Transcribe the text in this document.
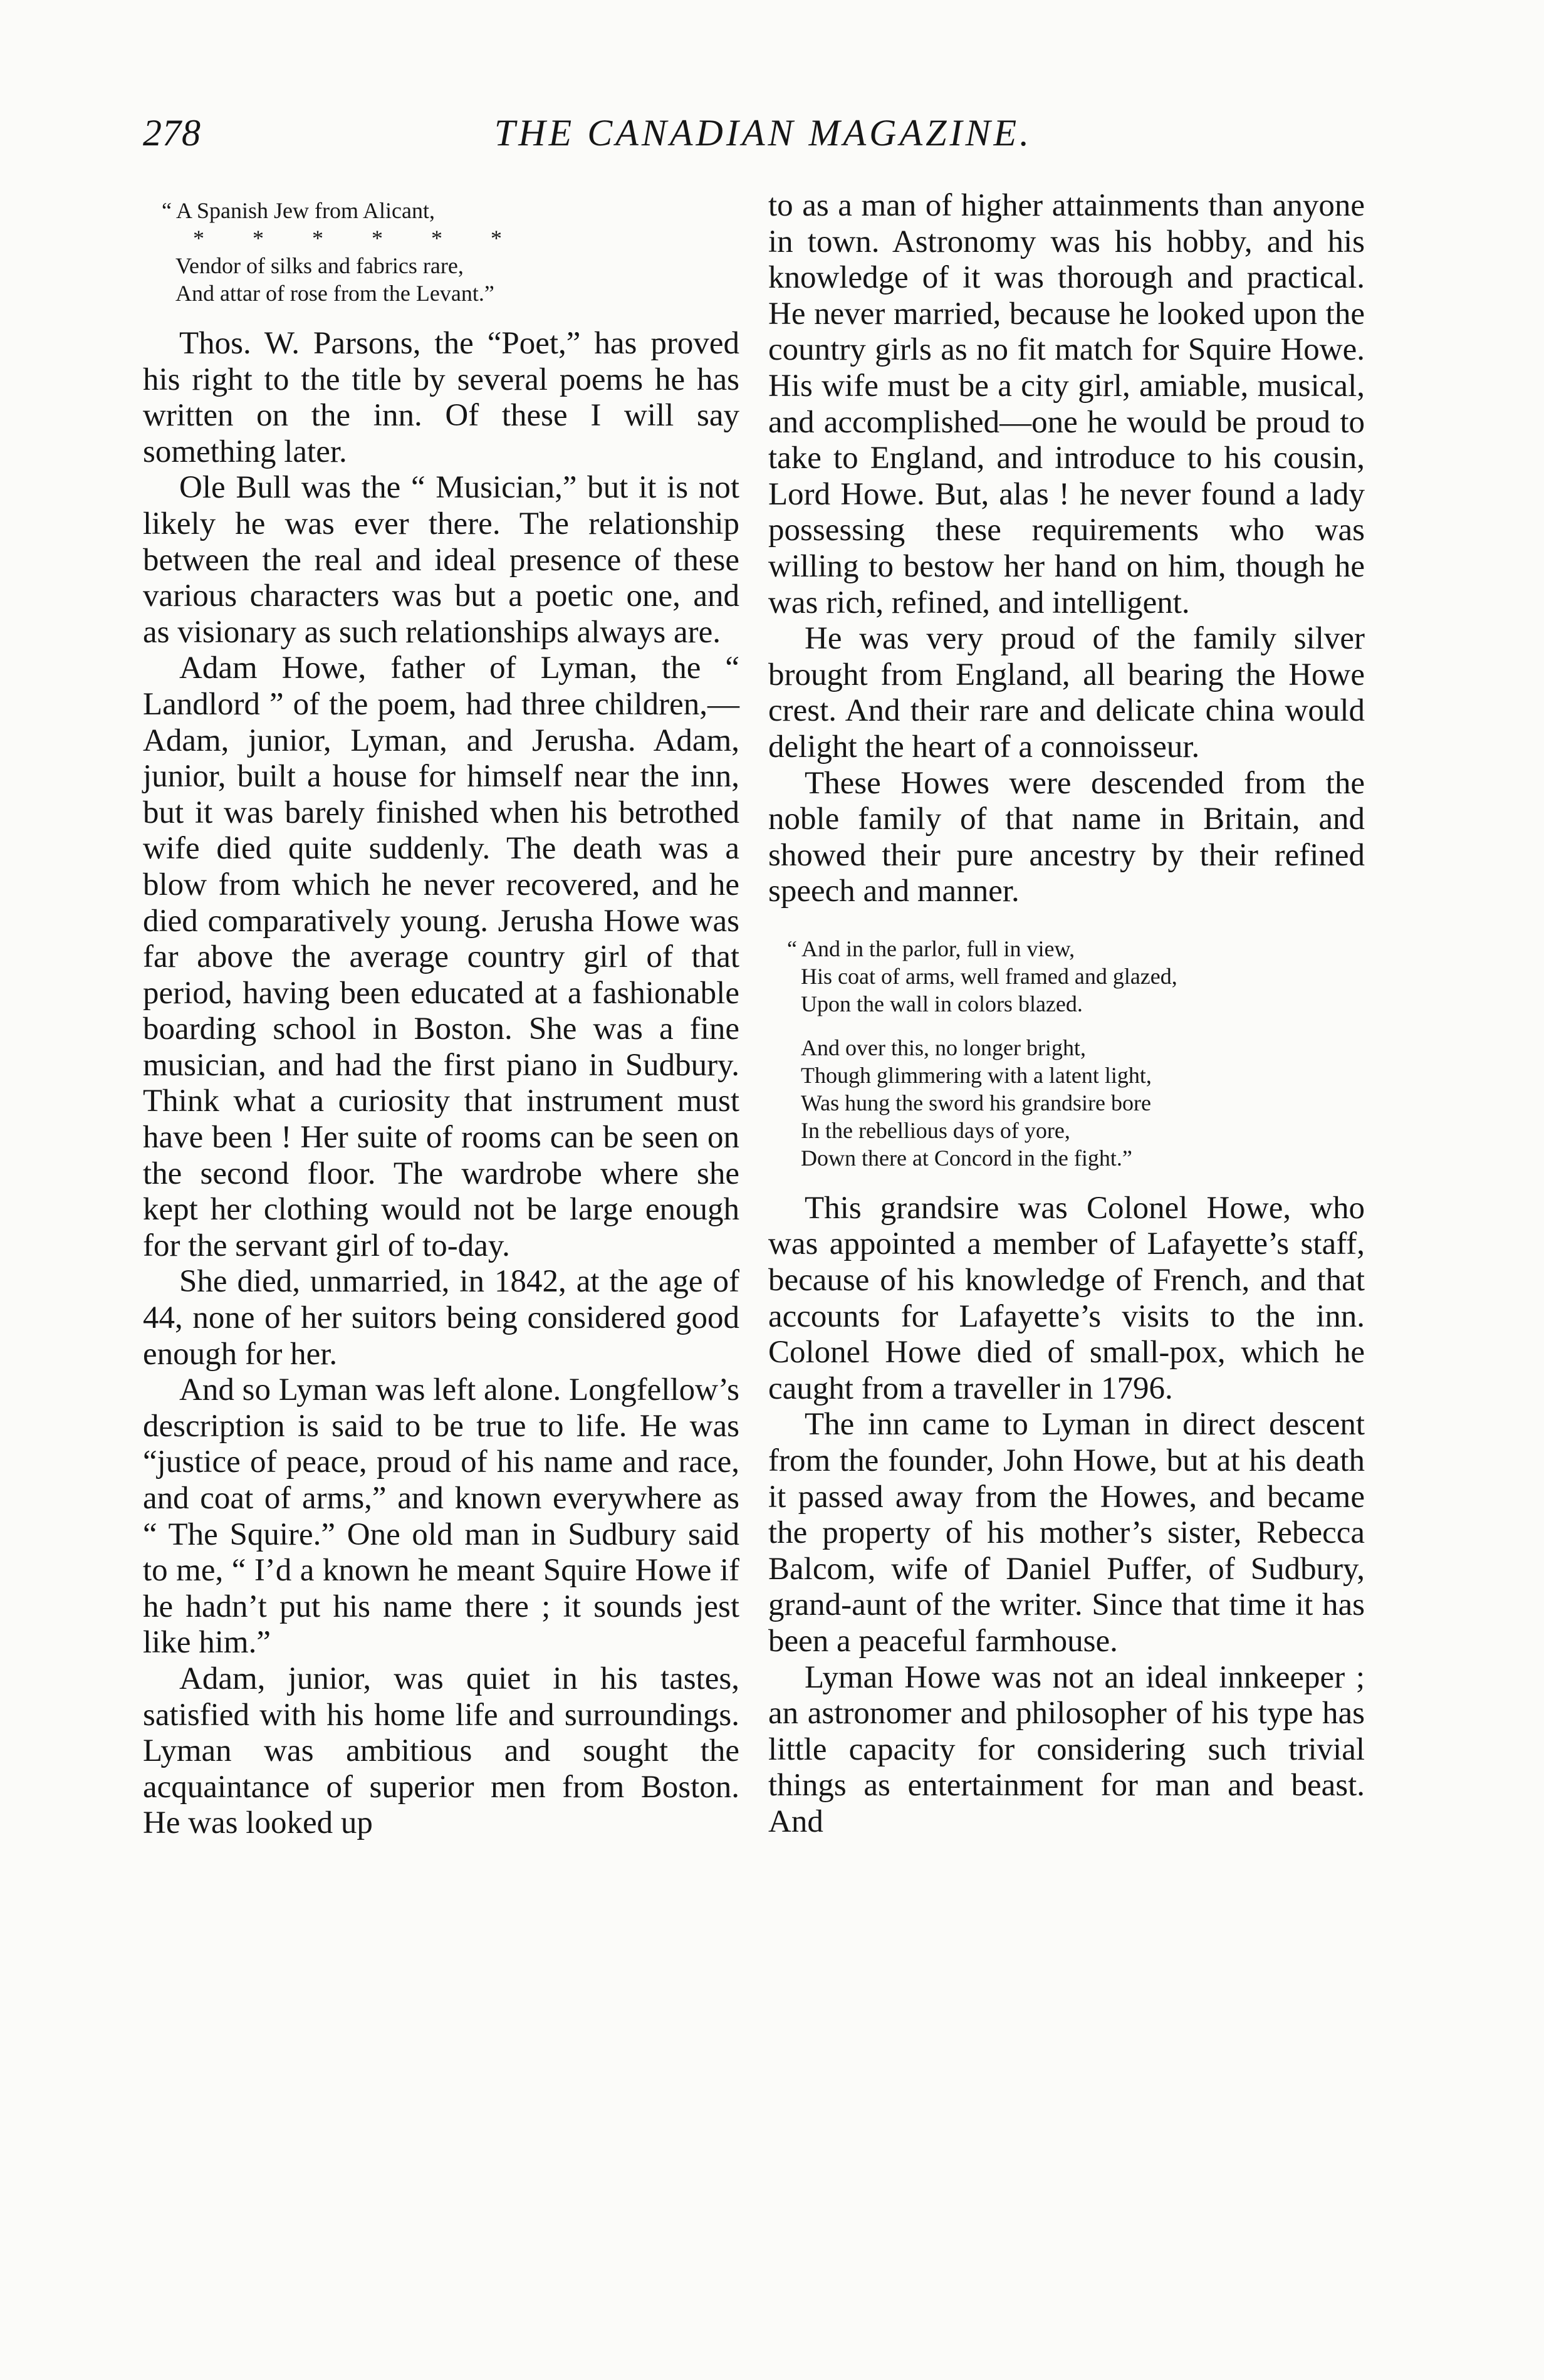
278	THE CANADIAN MAGAZINE.
“ A Spanish Jew from Alicant,
* * * * * *
Vendor of silks and fabrics rare,
And attar of rose from the Levant.”

Thos. W. Parsons, the “Poet,” has proved his right to the title by several poems he has written on the inn. Of these I will say something later.

Ole Bull was the “ Musician,” but it is not likely he was ever there. The relationship between the real and ideal presence of these various characters was but a poetic one, and as visionary as such relationships always are.

Adam Howe, father of Lyman, the “ Landlord ” of the poem, had three children,—Adam, junior, Lyman, and Jerusha. Adam, junior, built a house for himself near the inn, but it was barely finished when his betrothed wife died quite suddenly. The death was a blow from which he never recovered, and he died comparatively young. Jerusha Howe was far above the average country girl of that period, having been educated at a fashionable boarding school in Boston. She was a fine musician, and had the first piano in Sudbury. Think what a curiosity that instrument must have been ! Her suite of rooms can be seen on the second floor. The wardrobe where she kept her clothing would not be large enough for the servant girl of to-day.

She died, unmarried, in 1842, at the age of 44, none of her suitors being considered good enough for her.

And so Lyman was left alone. Longfellow’s description is said to be true to life. He was “justice of peace, proud of his name and race, and coat of arms,” and known everywhere as “ The Squire.” One old man in Sudbury said to me, “ I’d a known he meant Squire Howe if he hadn’t put his name there ; it sounds jest like him.”

Adam, junior, was quiet in his tastes, satisfied with his home life and surroundings. Lyman was ambitious and sought the acquaintance of superior men from Boston. He was looked up

to as a man of higher attainments than anyone in town. Astronomy was his hobby, and his knowledge of it was thorough and practical. He never married, because he looked upon the country girls as no fit match for Squire Howe. His wife must be a city girl, amiable, musical, and accomplished—one he would be proud to take to England, and introduce to his cousin, Lord Howe. But, alas ! he never found a lady possessing these requirements who was willing to bestow her hand on him, though he was rich, refined, and intelligent.

He was very proud of the family silver brought from England, all bearing the Howe crest. And their rare and delicate china would delight the heart of a connoisseur.

These Howes were descended from the noble family of that name in Britain, and showed their pure ancestry by their refined speech and manner.

“ And in the parlor, full in view,
His coat of arms, well framed and glazed,
Upon the wall in colors blazed.
And over this, no longer bright,
Though glimmering with a latent light,
Was hung the sword his grandsire bore
In the rebellious days of yore,
Down there at Concord in the fight.”

This grandsire was Colonel Howe, who was appointed a member of Lafayette’s staff, because of his knowledge of French, and that accounts for Lafayette’s visits to the inn. Colonel Howe died of small-pox, which he caught from a traveller in 1796.

The inn came to Lyman in direct descent from the founder, John Howe, but at his death it passed away from the Howes, and became the property of his mother’s sister, Rebecca Balcom, wife of Daniel Puffer, of Sudbury, grand-aunt of the writer. Since that time it has been a peaceful farmhouse.

Lyman Howe was not an ideal innkeeper ; an astronomer and philosopher of his type has little capacity for considering such trivial things as entertainment for man and beast. And
